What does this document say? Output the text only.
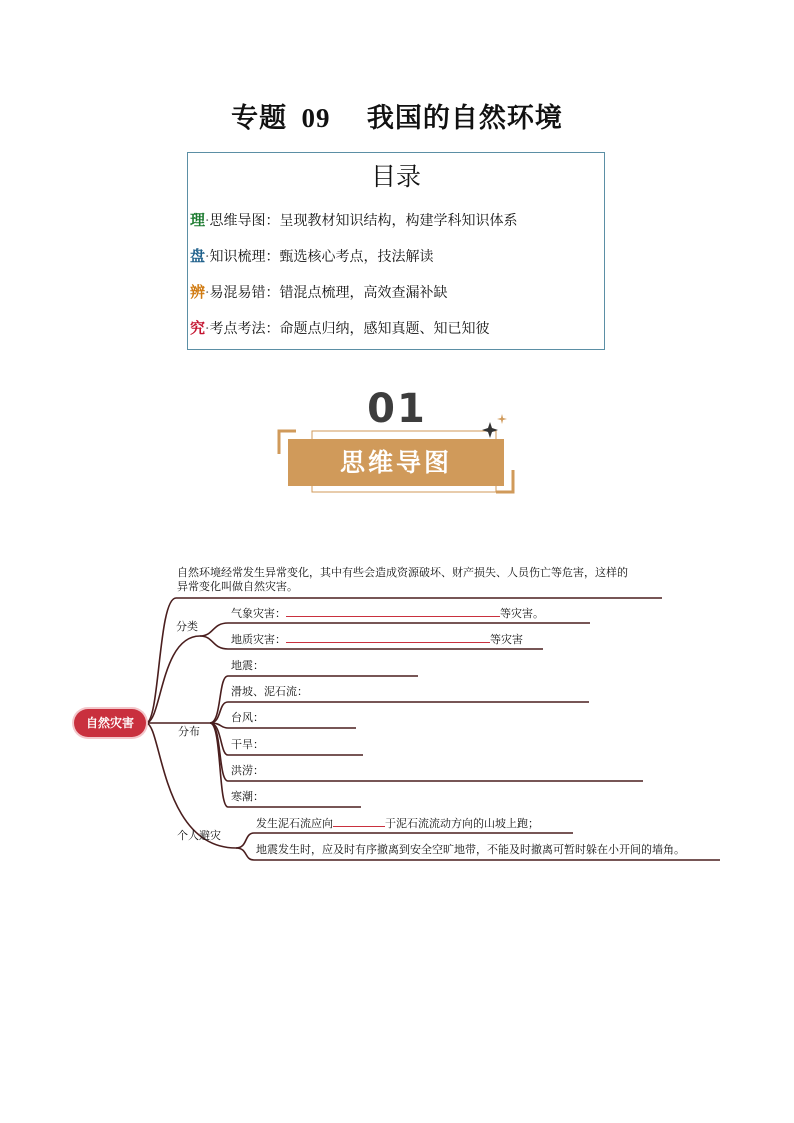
专题 09 我国的自然环境
目录
理·思维导图：呈现教材知识结构，构建学科知识体系
盘·知识梳理：甄选核心考点，技法解读
辨·易混易错：错混点梳理，高效查漏补缺
究·考点考法：命题点归纳，感知真题、知已知彼
01
思维导图
自然灾害
自然环境经常发生异常变化，其中有些会造成资源破坏、财产损失、人员伤亡等危害，这样的
异常变化叫做自然灾害。
分类
气象灾害：	等灾害。
地质灾害：	等灾害
分布
地震：
滑坡、泥石流：
台风：
干旱：
洪涝：
寒潮：
个人避灾
发生泥石流应向	于泥石流流动方向的山坡上跑；
地震发生时，应及时有序撤离到安全空旷地带，不能及时撤离可暂时躲在小开间的墙角。
